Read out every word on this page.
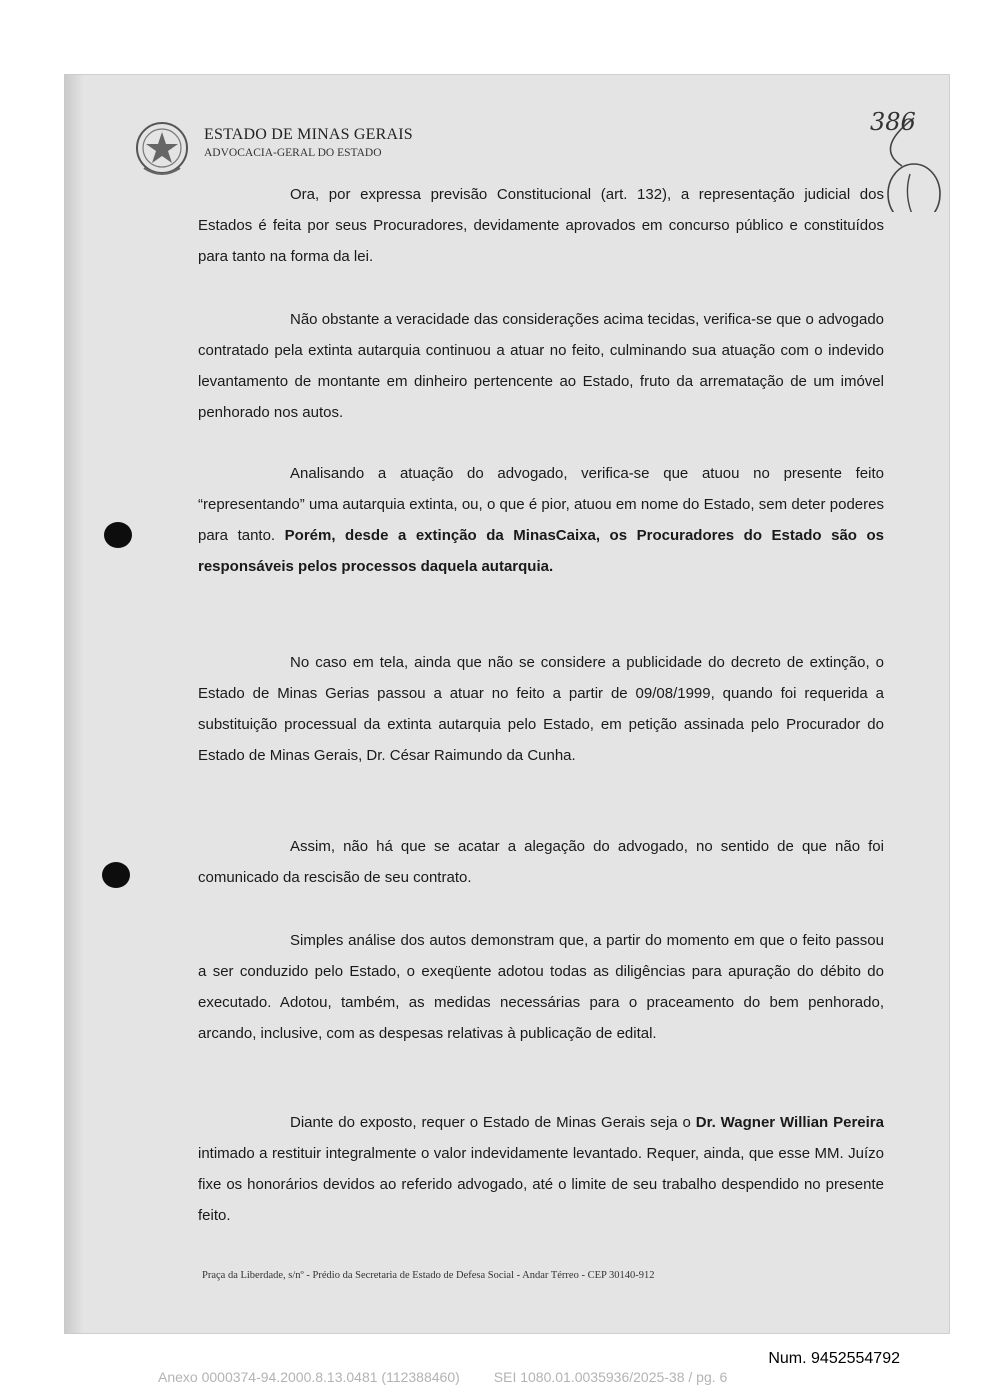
ESTADO DE MINAS GERAIS
ADVOCACIA-GERAL DO ESTADO
386

Ora, por expressa previsão Constitucional (art. 132), a representação judicial dos Estados é feita por seus Procuradores, devidamente aprovados em concurso público e constituídos para tanto na forma da lei.

Não obstante a veracidade das considerações acima tecidas, verifica-se que o advogado contratado pela extinta autarquia continuou a atuar no feito, culminando sua atuação com o indevido levantamento de montante em dinheiro pertencente ao Estado, fruto da arrematação de um imóvel penhorado nos autos.

Analisando a atuação do advogado, verifica-se que atuou no presente feito “representando” uma autarquia extinta, ou, o que é pior, atuou em nome do Estado, sem deter poderes para tanto. Porém, desde a extinção da MinasCaixa, os Procuradores do Estado são os responsáveis pelos processos daquela autarquia.

No caso em tela, ainda que não se considere a publicidade do decreto de extinção, o Estado de Minas Gerias passou a atuar no feito a partir de 09/08/1999, quando foi requerida a substituição processual da extinta autarquia pelo Estado, em petição assinada pelo Procurador do Estado de Minas Gerais, Dr. César Raimundo da Cunha.

Assim, não há que se acatar a alegação do advogado, no sentido de que não foi comunicado da rescisão de seu contrato.

Simples análise dos autos demonstram que, a partir do momento em que o feito passou a ser conduzido pelo Estado, o exeqüente adotou todas as diligências para apuração do débito do executado. Adotou, também, as medidas necessárias para o praceamento do bem penhorado, arcando, inclusive, com as despesas relativas à publicação de edital.

Diante do exposto, requer o Estado de Minas Gerais seja o Dr. Wagner Willian Pereira intimado a restituir integralmente o valor indevidamente levantado. Requer, ainda, que esse MM. Juízo fixe os honorários devidos ao referido advogado, até o limite de seu trabalho despendido no presente feito.

Praça da Liberdade, s/nº - Prédio da Secretaria de Estado de Defesa Social - Andar Térreo - CEP 30140-912
Num. 9452554792
Anexo 0000374-94.2000.8.13.0481 (112388460) SEI 1080.01.0035936/2025-38 / pg. 6
